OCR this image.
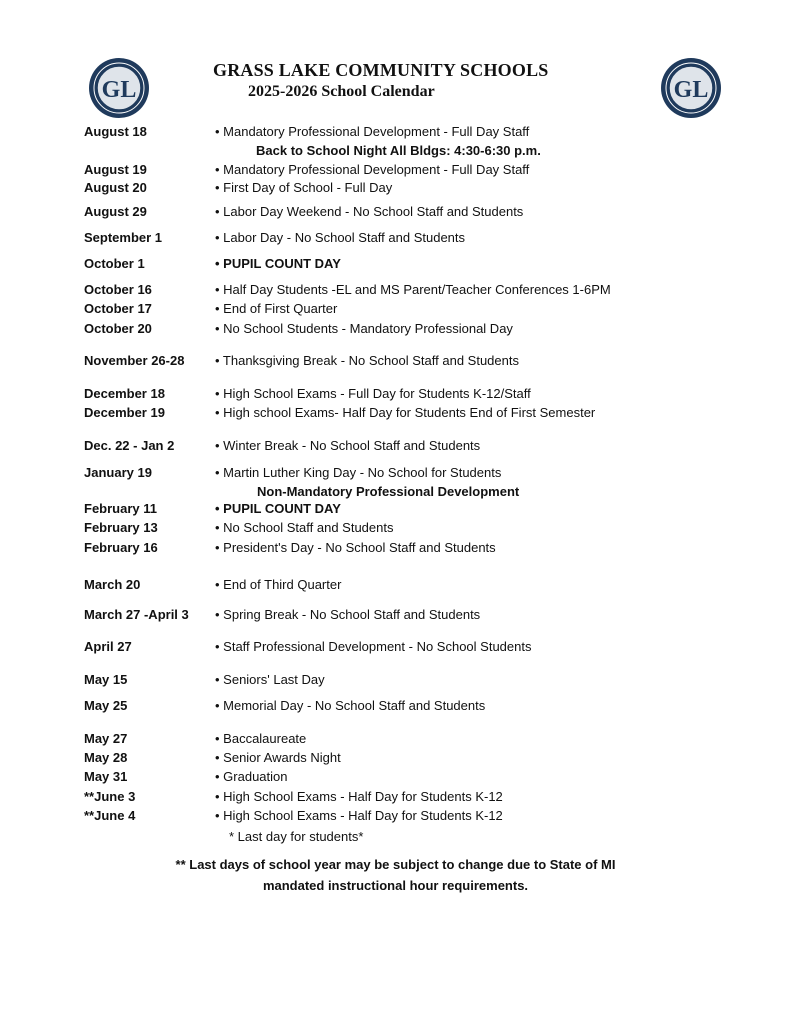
GL	GL
GRASS LAKE COMMUNITY SCHOOLS
2025-2026 School Calendar
August 18	• Mandatory Professional Development - Full Day Staff
Back to School Night All Bldgs: 4:30-6:30 p.m.
August 19	• Mandatory Professional Development - Full Day Staff
August 20	• First Day of School - Full Day
August 29	• Labor Day Weekend - No School Staff and Students
September 1	• Labor Day - No School Staff and Students
October 1	• PUPIL COUNT DAY
October 16	• Half Day Students -EL and MS Parent/Teacher Conferences 1-6PM
October 17	• End of First Quarter
October 20	• No School Students - Mandatory Professional Day
November 26-28 • Thanksgiving Break - No School Staff and Students
December 18	• High School Exams - Full Day for Students K-12/Staff
December 19	• High school Exams- Half Day for Students End of First Semester
Dec. 22 - Jan 2	• Winter Break - No School Staff and Students
January 19	• Martin Luther King Day - No School for Students
Non-Mandatory Professional Development
February 11	• PUPIL COUNT DAY
February 13	• No School Staff and Students
February 16	• President's Day - No School Staff and Students
March 20	• End of Third Quarter
March 27 -April 3 • Spring Break - No School Staff and Students
April 27	• Staff Professional Development - No School Students
May 15	• Seniors' Last Day
May 25	• Memorial Day - No School Staff and Students
May 27	• Baccalaureate
May 28	• Senior Awards Night
May 31	• Graduation
**June 3	• High School Exams - Half Day for Students K-12
**June 4	• High School Exams - Half Day for Students K-12
* Last day for students*
** Last days of school year may be subject to change due to State of MI
mandated instructional hour requirements.
